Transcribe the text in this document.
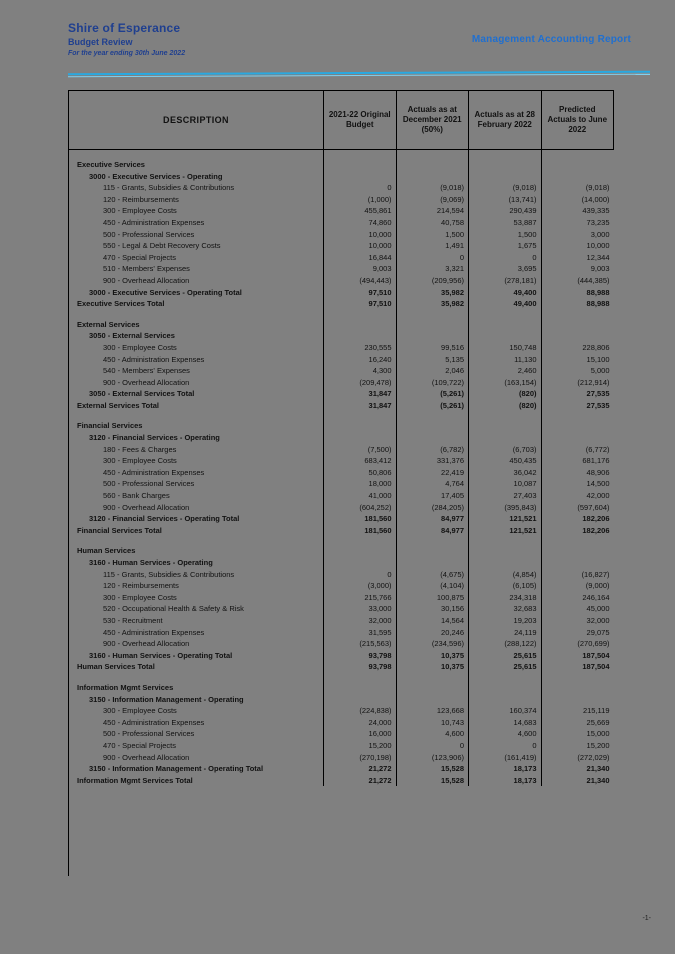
Shire of Esperance
Budget Review
For the year ending 30th June 2022
Management Accounting Report
DESCRIPTION	2021-22 Original Budget	Actuals as at December 2021 (50%)	Actuals as at 28 February 2022	Predicted Actuals to June 2022

Executive Services				
3000 - Executive Services - Operating				
115 - Grants, Subsidies & Contributions	0	(9,018)	(9,018)	(9,018)
120 - Reimbursements	(1,000)	(9,069)	(13,741)	(14,000)
300 - Employee Costs	455,861	214,594	290,439	439,335
450 - Administration Expenses	74,860	40,758	53,887	73,235
500 - Professional Services	10,000	1,500	1,500	3,000
550 - Legal & Debt Recovery Costs	10,000	1,491	1,675	10,000
470 - Special Projects	16,844	0	0	12,344
510 - Members' Expenses	9,003	3,321	3,695	9,003
900 - Overhead Allocation	(494,443)	(209,956)	(278,181)	(444,385)
3000 - Executive Services - Operating Total	97,510	35,982	49,400	88,988
Executive Services Total	97,510	35,982	49,400	88,988

External Services				
3050 - External Services				
300 - Employee Costs	230,555	99,516	150,748	228,806
450 - Administration Expenses	16,240	5,135	11,130	15,100
540 - Members' Expenses	4,300	2,046	2,460	5,000
900 - Overhead Allocation	(209,478)	(109,722)	(163,154)	(212,914)
3050 - External Services Total	31,847	(5,261)	(820)	27,535
External Services Total	31,847	(5,261)	(820)	27,535

Financial Services				
3120 - Financial Services - Operating				
180 - Fees & Charges	(7,500)	(6,782)	(6,703)	(6,772)
300 - Employee Costs	683,412	331,376	450,435	681,176
450 - Administration Expenses	50,806	22,419	36,042	48,906
500 - Professional Services	18,000	4,764	10,087	14,500
560 - Bank Charges	41,000	17,405	27,403	42,000
900 - Overhead Allocation	(604,252)	(284,205)	(395,843)	(597,604)
3120 - Financial Services - Operating Total	181,560	84,977	121,521	182,206
Financial Services Total	181,560	84,977	121,521	182,206

Human Services				
3160 - Human Services - Operating				
115 - Grants, Subsidies & Contributions	0	(4,675)	(4,854)	(16,827)
120 - Reimbursements	(3,000)	(4,104)	(6,105)	(9,000)
300 - Employee Costs	215,766	100,875	234,318	246,164
520 - Occupational Health & Safety & Risk	33,000	30,156	32,683	45,000
530 - Recruitment	32,000	14,564	19,203	32,000
450 - Administration Expenses	31,595	20,246	24,119	29,075
900 - Overhead Allocation	(215,563)	(234,596)	(288,122)	(270,699)
3160 - Human Services - Operating Total	93,798	10,375	25,615	187,504
Human Services Total	93,798	10,375	25,615	187,504

Information Mgmt Services				
3150 - Information Management - Operating				
300 - Employee Costs	(224,838)	123,668	160,374	215,119
450 - Administration Expenses	24,000	10,743	14,683	25,669
500 - Professional Services	16,000	4,600	4,600	15,000
470 - Special Projects	15,200	0	0	15,200
900 - Overhead Allocation	(270,198)	(123,906)	(161,419)	(272,029)
3150 - Information Management - Operating Total	21,272	15,528	18,173	21,340
Information Mgmt Services Total	21,272	15,528	18,173	21,340
-1-
